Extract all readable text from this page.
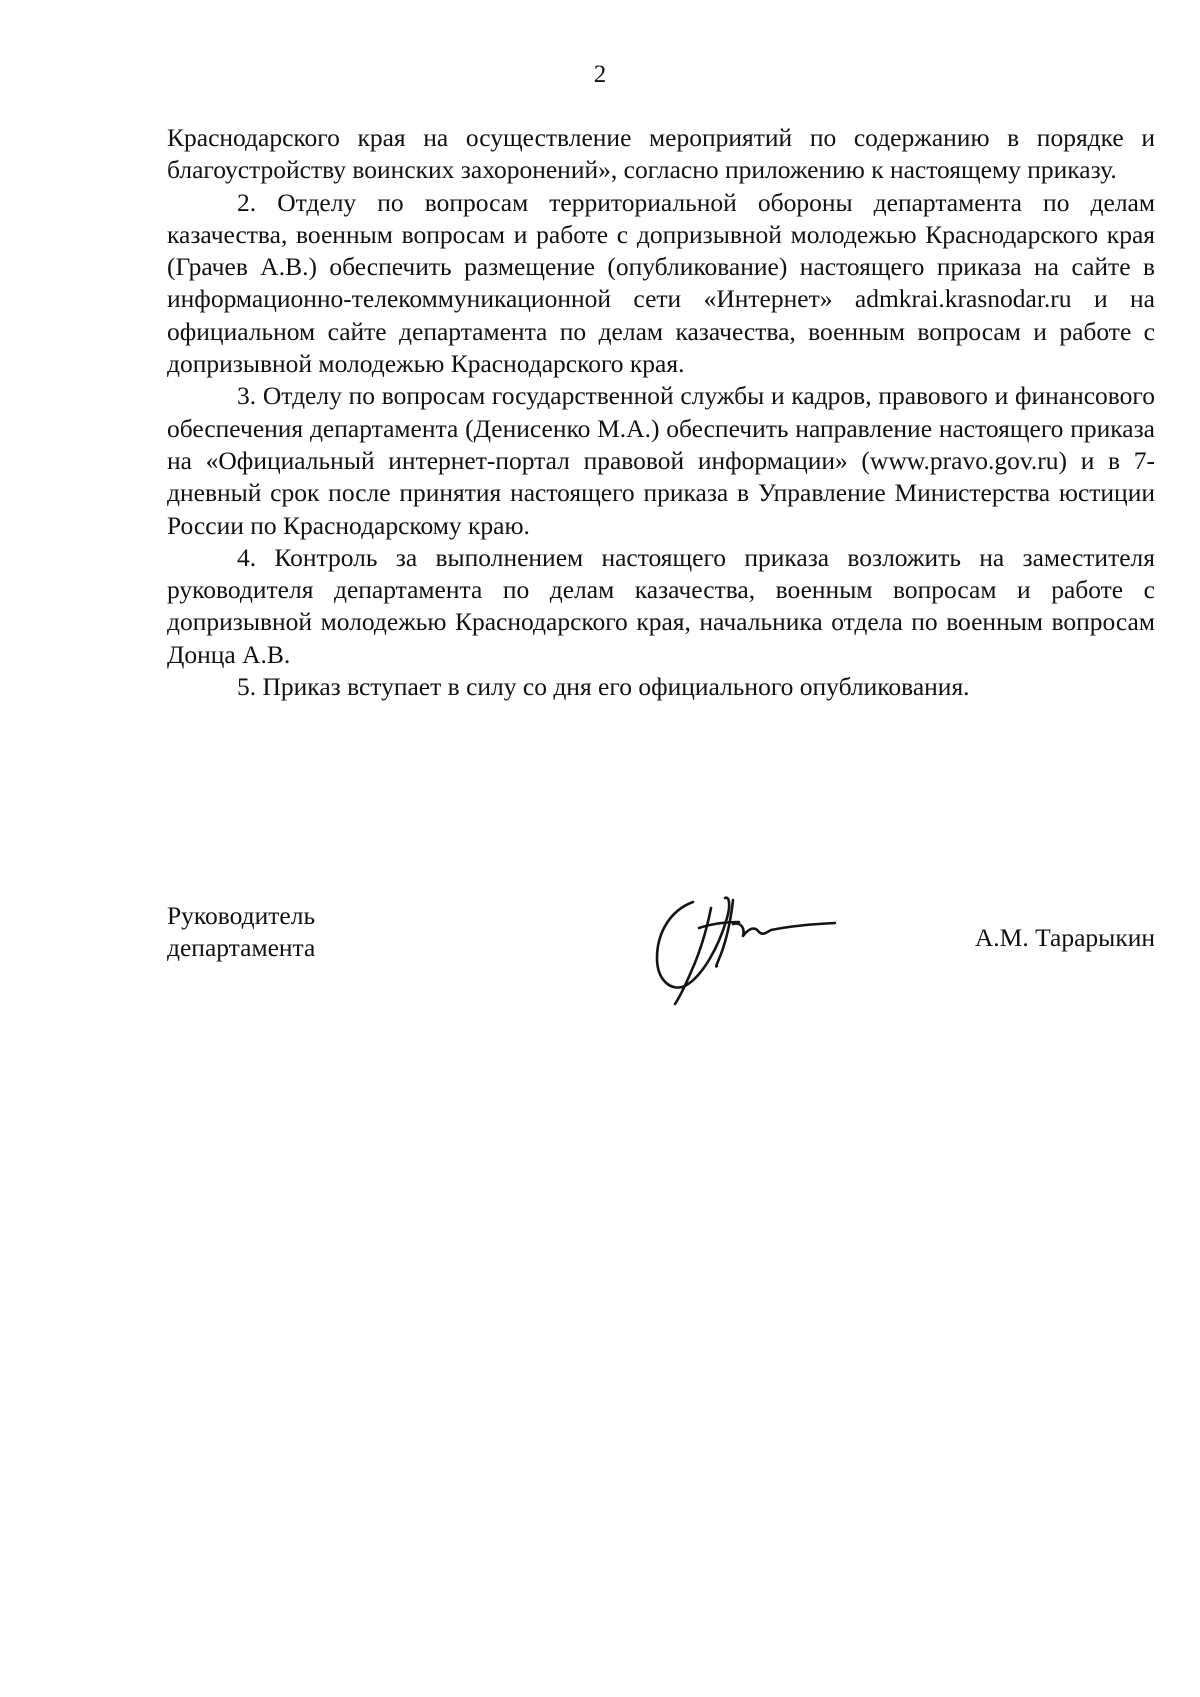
2

Краснодарского края на осуществление мероприятий по содержанию в порядке и благоустройству воинских захоронений», согласно приложению к настоящему приказу.

2. Отделу по вопросам территориальной обороны департамента по делам казачества, военным вопросам и работе с допризывной молодежью Краснодарского края (Грачев А.В.) обеспечить размещение (опубликование) настоящего приказа на сайте в информационно-телекоммуникационной сети «Интернет» admkrai.krasnodar.ru и на официальном сайте департамента по делам казачества, военным вопросам и работе с допризывной молодежью Краснодарского края.

3. Отделу по вопросам государственной службы и кадров, правового и финансового обеспечения департамента (Денисенко М.А.) обеспечить направление настоящего приказа на «Официальный интернет-портал правовой информации» (www.pravo.gov.ru) и в 7-дневный срок после принятия настоящего приказа в Управление Министерства юстиции России по Краснодарскому краю.

4. Контроль за выполнением настоящего приказа возложить на заместителя руководителя департамента по делам казачества, военным вопросам и работе с допризывной молодежью Краснодарского края, начальника отдела по военным вопросам Донца А.В.

5. Приказ вступает в силу со дня его официального опубликования.

Руководитель
департамента	А.М. Тарарыкин
